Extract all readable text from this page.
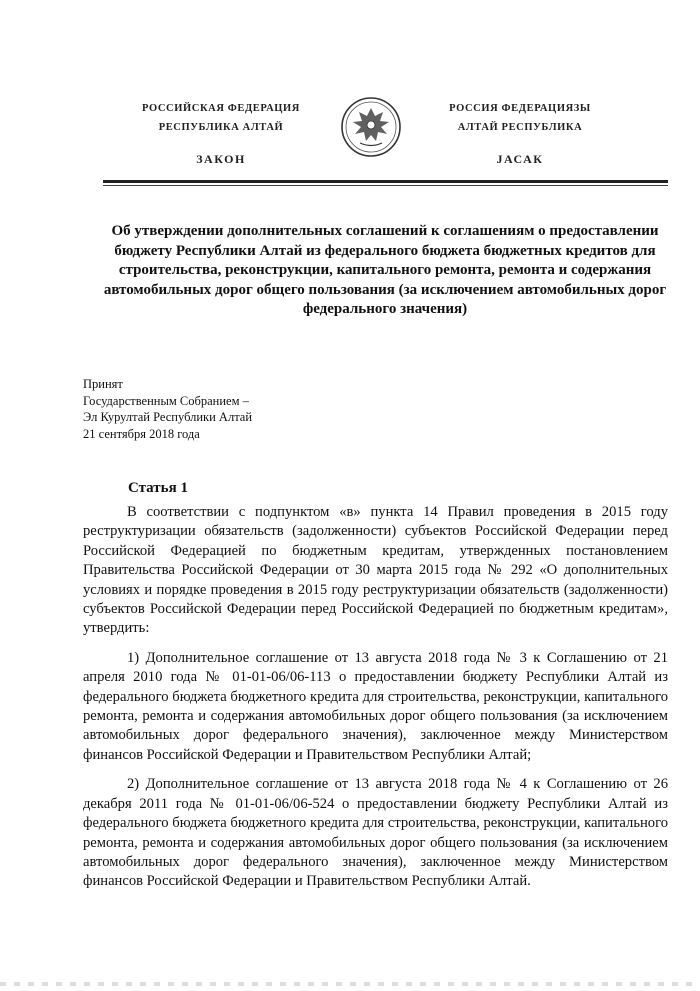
РОССИЙСКАЯ ФЕДЕРАЦИЯ
РЕСПУБЛИКА АЛТАЙ
ЗАКОН
РОССИЯ ФЕДЕРАЦИЯЗЫ
АЛТАЙ РЕСПУБЛИКА
JАСАК
Об утверждении дополнительных соглашений к соглашениям о предоставлении бюджету Республики Алтай из федерального бюджета бюджетных кредитов для строительства, реконструкции, капитального ремонта, ремонта и содержания автомобильных дорог общего пользования (за исключением автомобильных дорог федерального значения)
Принят
Государственным Собранием –
Эл Курултай Республики Алтай
21 сентября 2018 года
Статья 1

В соответствии с подпунктом «в» пункта 14 Правил проведения в 2015 году реструктуризации обязательств (задолженности) субъектов Российской Федерации перед Российской Федерацией по бюджетным кредитам, утвержденных постановлением Правительства Российской Федерации от 30 марта 2015 года № 292 «О дополнительных условиях и порядке проведения в 2015 году реструктуризации обязательств (задолженности) субъектов Российской Федерации перед Российской Федерацией по бюджетным кредитам», утвердить:

1) Дополнительное соглашение от 13 августа 2018 года № 3 к Соглашению от 21 апреля 2010 года № 01-01-06/06-113 о предоставлении бюджету Республики Алтай из федерального бюджета бюджетного кредита для строительства, реконструкции, капитального ремонта, ремонта и содержания автомобильных дорог общего пользования (за исключением автомобильных дорог федерального значения), заключенное между Министерством финансов Российской Федерации и Правительством Республики Алтай;

2) Дополнительное соглашение от 13 августа 2018 года № 4 к Соглашению от 26 декабря 2011 года № 01-01-06/06-524 о предоставлении бюджету Республики Алтай из федерального бюджета бюджетного кредита для строительства, реконструкции, капитального ремонта, ремонта и содержания автомобильных дорог общего пользования (за исключением автомобильных дорог федерального значения), заключенное между Министерством финансов Российской Федерации и Правительством Республики Алтай.
